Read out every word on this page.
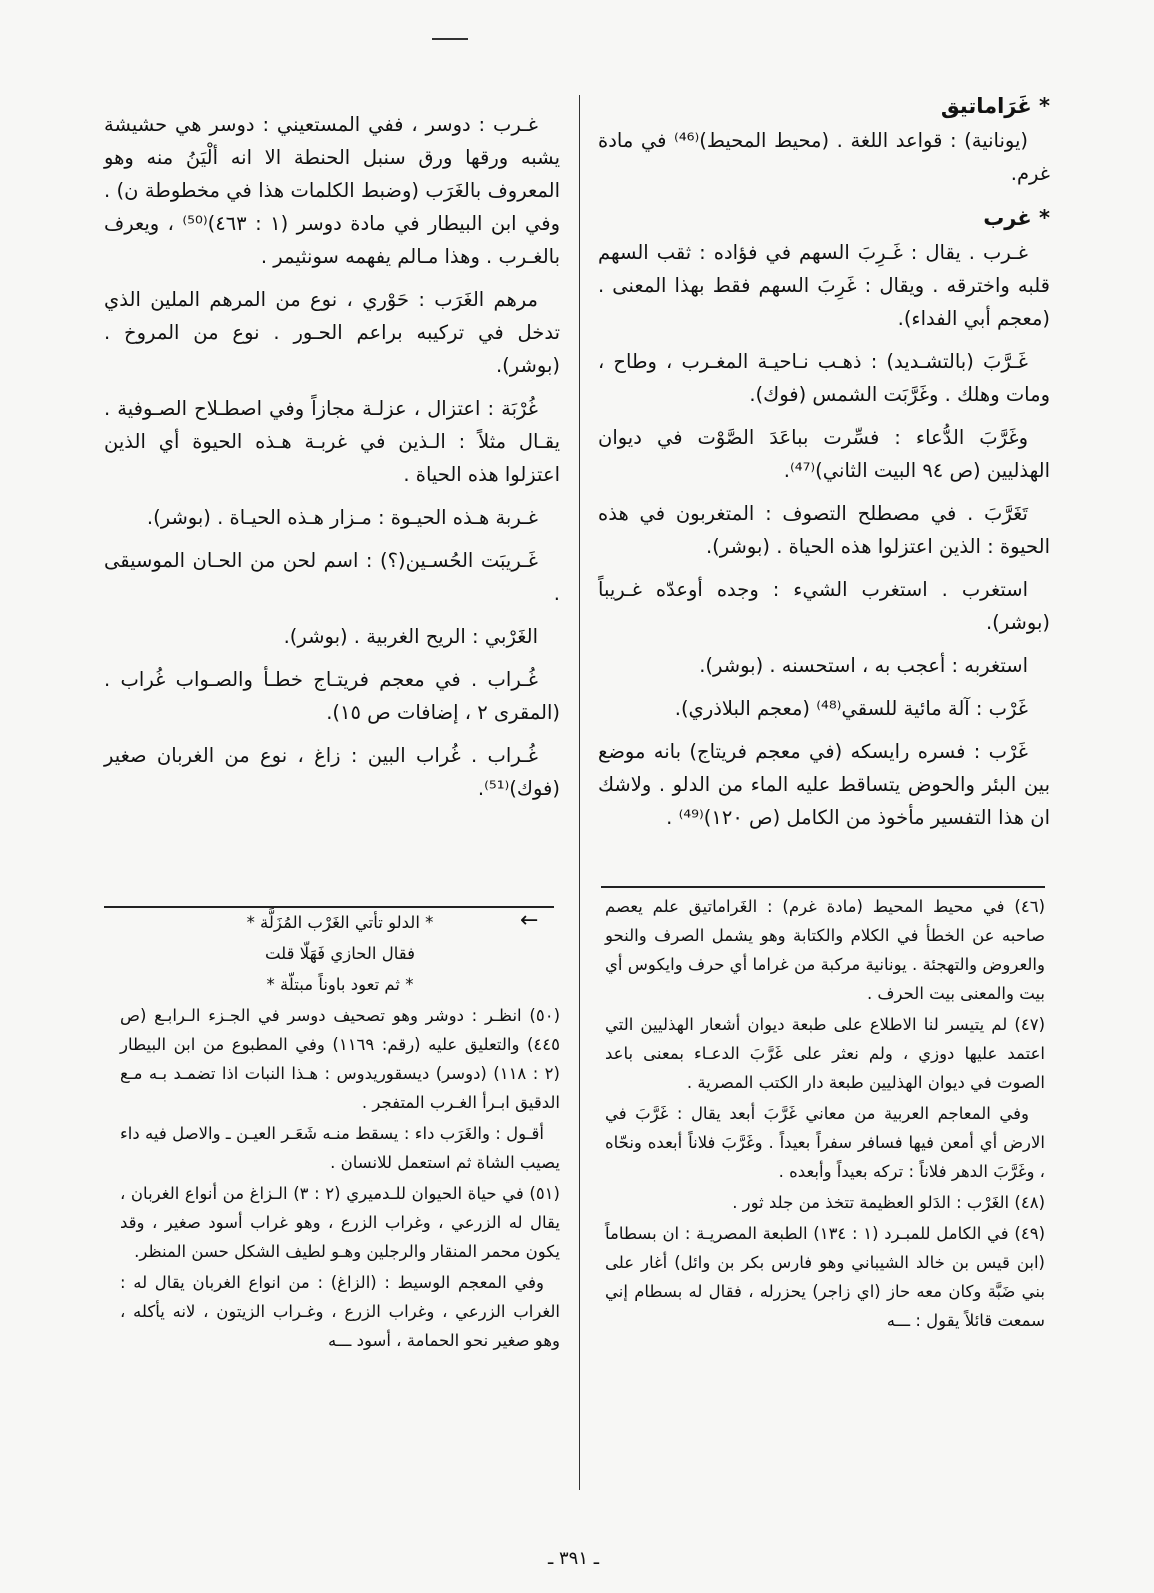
* غَرَاماتيق

(يونانية) : قواعد اللغة . (محيط المحيط)⁽⁴⁶⁾ في مادة غرم.

* غرب

غـرب . يقال : غَـرِبَ السهم في فؤاده : ثقب السهم قلبه واخترقه . ويقال : غَرِبَ السهم فقط بهذا المعنى . (معجم أبي الفداء).

غَـرَّبَ (بالتشـديد) : ذهـب نـاحيـة المغـرب ، وطاح ، ومات وهلك . وغَرَّبَت الشمس (فوك).

وغَرَّبَ الدُّعاء : فسِّرت بباعَدَ الصَّوْت في ديوان الهذليين (ص ٩٤ البيت الثاني)⁽⁴⁷⁾.

تَغَرَّبَ . في مصطلح التصوف : المتغربون في هذه الحيوة : الذين اعتزلوا هذه الحياة . (بوشر).

استغرب . استغرب الشيء : وجده أوعدّه غـريباً (بوشر).

استغربه : أعجب به ، استحسنه . (بوشر).

غَرْب : آلة مائية للسقي⁽⁴⁸⁾ (معجم البلاذري).

غَرْب : فسره رايسكه (في معجم فريتاج) بانه موضع بين البئر والحوض يتساقط عليه الماء من الدلو . ولاشك ان هذا التفسير مأخوذ من الكامل (ص ١٢٠)⁽⁴⁹⁾ .

غـرب : دوسر ، ففي المستعيني : دوسر هي حشيشة يشبه ورقها ورق سنبل الحنطة الا انه ألْيَنُ منه وهو المعروف بالغَرَب (وضبط الكلمات هذا في مخطوطة ن) . وفي ابن البيطار في مادة دوسر (١ : ٤٦٣)⁽⁵⁰⁾ ، ويعرف بالغـرب . وهذا مـالم يفهمه سونثيمر .

مرهم الغَرَب : حَوْري ، نوع من المرهم الملين الذي تدخل في تركيبه براعم الحـور . نوع من المروخ . (بوشر).

غُرْبَة : اعتزال ، عزلـة مجازاً وفي اصطـلاح الصـوفية . يقـال مثلاً : الـذين في غربـة هـذه الحيوة أي الذين اعتزلوا هذه الحياة .

غـربة هـذه الحيـوة : مـزار هـذه الحيـاة . (بوشر).

غَـريبَت الحُسـين(؟) : اسم لحن من الحـان الموسيقى .

الغَرْبي : الريح الغربية . (بوشر).

غُـراب . في معجم فريتـاج خطـأ والصـواب غُراب . (المقرى ٢ ، إضافات ص ١٥).

غُـراب . غُراب البين : زاغ ، نوع من الغربان صغير (فوك)⁽⁵¹⁾.

(٤٦) في محيط المحيط (مادة غرم) : الغَراماتيق علم يعصم صاحبه عن الخطأ في الكلام والكتابة وهو يشمل الصرف والنحو والعروض والتهجئة . يونانية مركبة من غراما أي حرف وايكوس أي بيت والمعنى بيت الحرف .

(٤٧) لم يتيسر لنا الاطلاع على طبعة ديوان أشعار الهذليين التي اعتمد عليها دوزي ، ولم نعثر على غَرَّبَ الدعـاء بمعنى باعد الصوت في ديوان الهذليين طبعة دار الكتب المصرية .

وفي المعاجم العربية من معاني غَرَّبَ أبعد يقال : غَرَّبَ في الارض أي أمعن فيها فسافر سفراً بعيداً . وغَرَّبَ فلاناً أبعده ونحّاه ، وغَرَّبَ الدهر فلاناً : تركه بعيداً وأبعده .

(٤٨) الغَرْب : الدَلو العظيمة تتخذ من جلد ثور .

(٤٩) في الكامل للمبـرد (١ : ١٣٤) الطبعة المصريـة : ان بسطاماً (ابن قيس بن خالد الشيباني وهو فارس بكر بن وائل) أغار على بني ضَبَّة وكان معه حاز (اي زاجر) يحزرله ، فقال له بسطام إني سمعت قائلاً يقول : ـــه

←

* الدلو تأتي الغَرْب المُزَلَّة *

فقال الحازي فَهَلّا قلت

* ثم تعود باوناً مبتلّة *

(٥٠) انظـر : دوشر وهو تصحيف دوسر في الجـزء الـرابـع (ص ٤٤٥) والتعليق عليه (رقم: ١١٦٩) وفي المطبوع من ابن البيطار (٢ : ١١٨) (دوسر) ديسقوريدوس : هـذا النبات اذا تضمـد بـه مـع الدقيق ابـرأ الغـرب المتفجر .

أقـول : والغَرَب داء : يسقط منـه شَعَـر العيـن ـ والاصل فيه داء يصيب الشاة ثم استعمل للانسان .

(٥١) في حياة الحيوان للـدميري (٢ : ٣) الـزاغ من أنواع الغربان ، يقال له الزرعي ، وغراب الزرع ، وهو غراب أسود صغير ، وقد يكون محمر المنقار والرجلين وهـو لطيف الشكل حسن المنظر.

وفي المعجم الوسيط : (الزاغ) : من انواع الغربان يقال له : الغراب الزرعي ، وغراب الزرع ، وغـراب الزيتون ، لانه يأكله ، وهو صغير نحو الحمامة ، أسود ـــه

ـ ٣٩١ ـ
